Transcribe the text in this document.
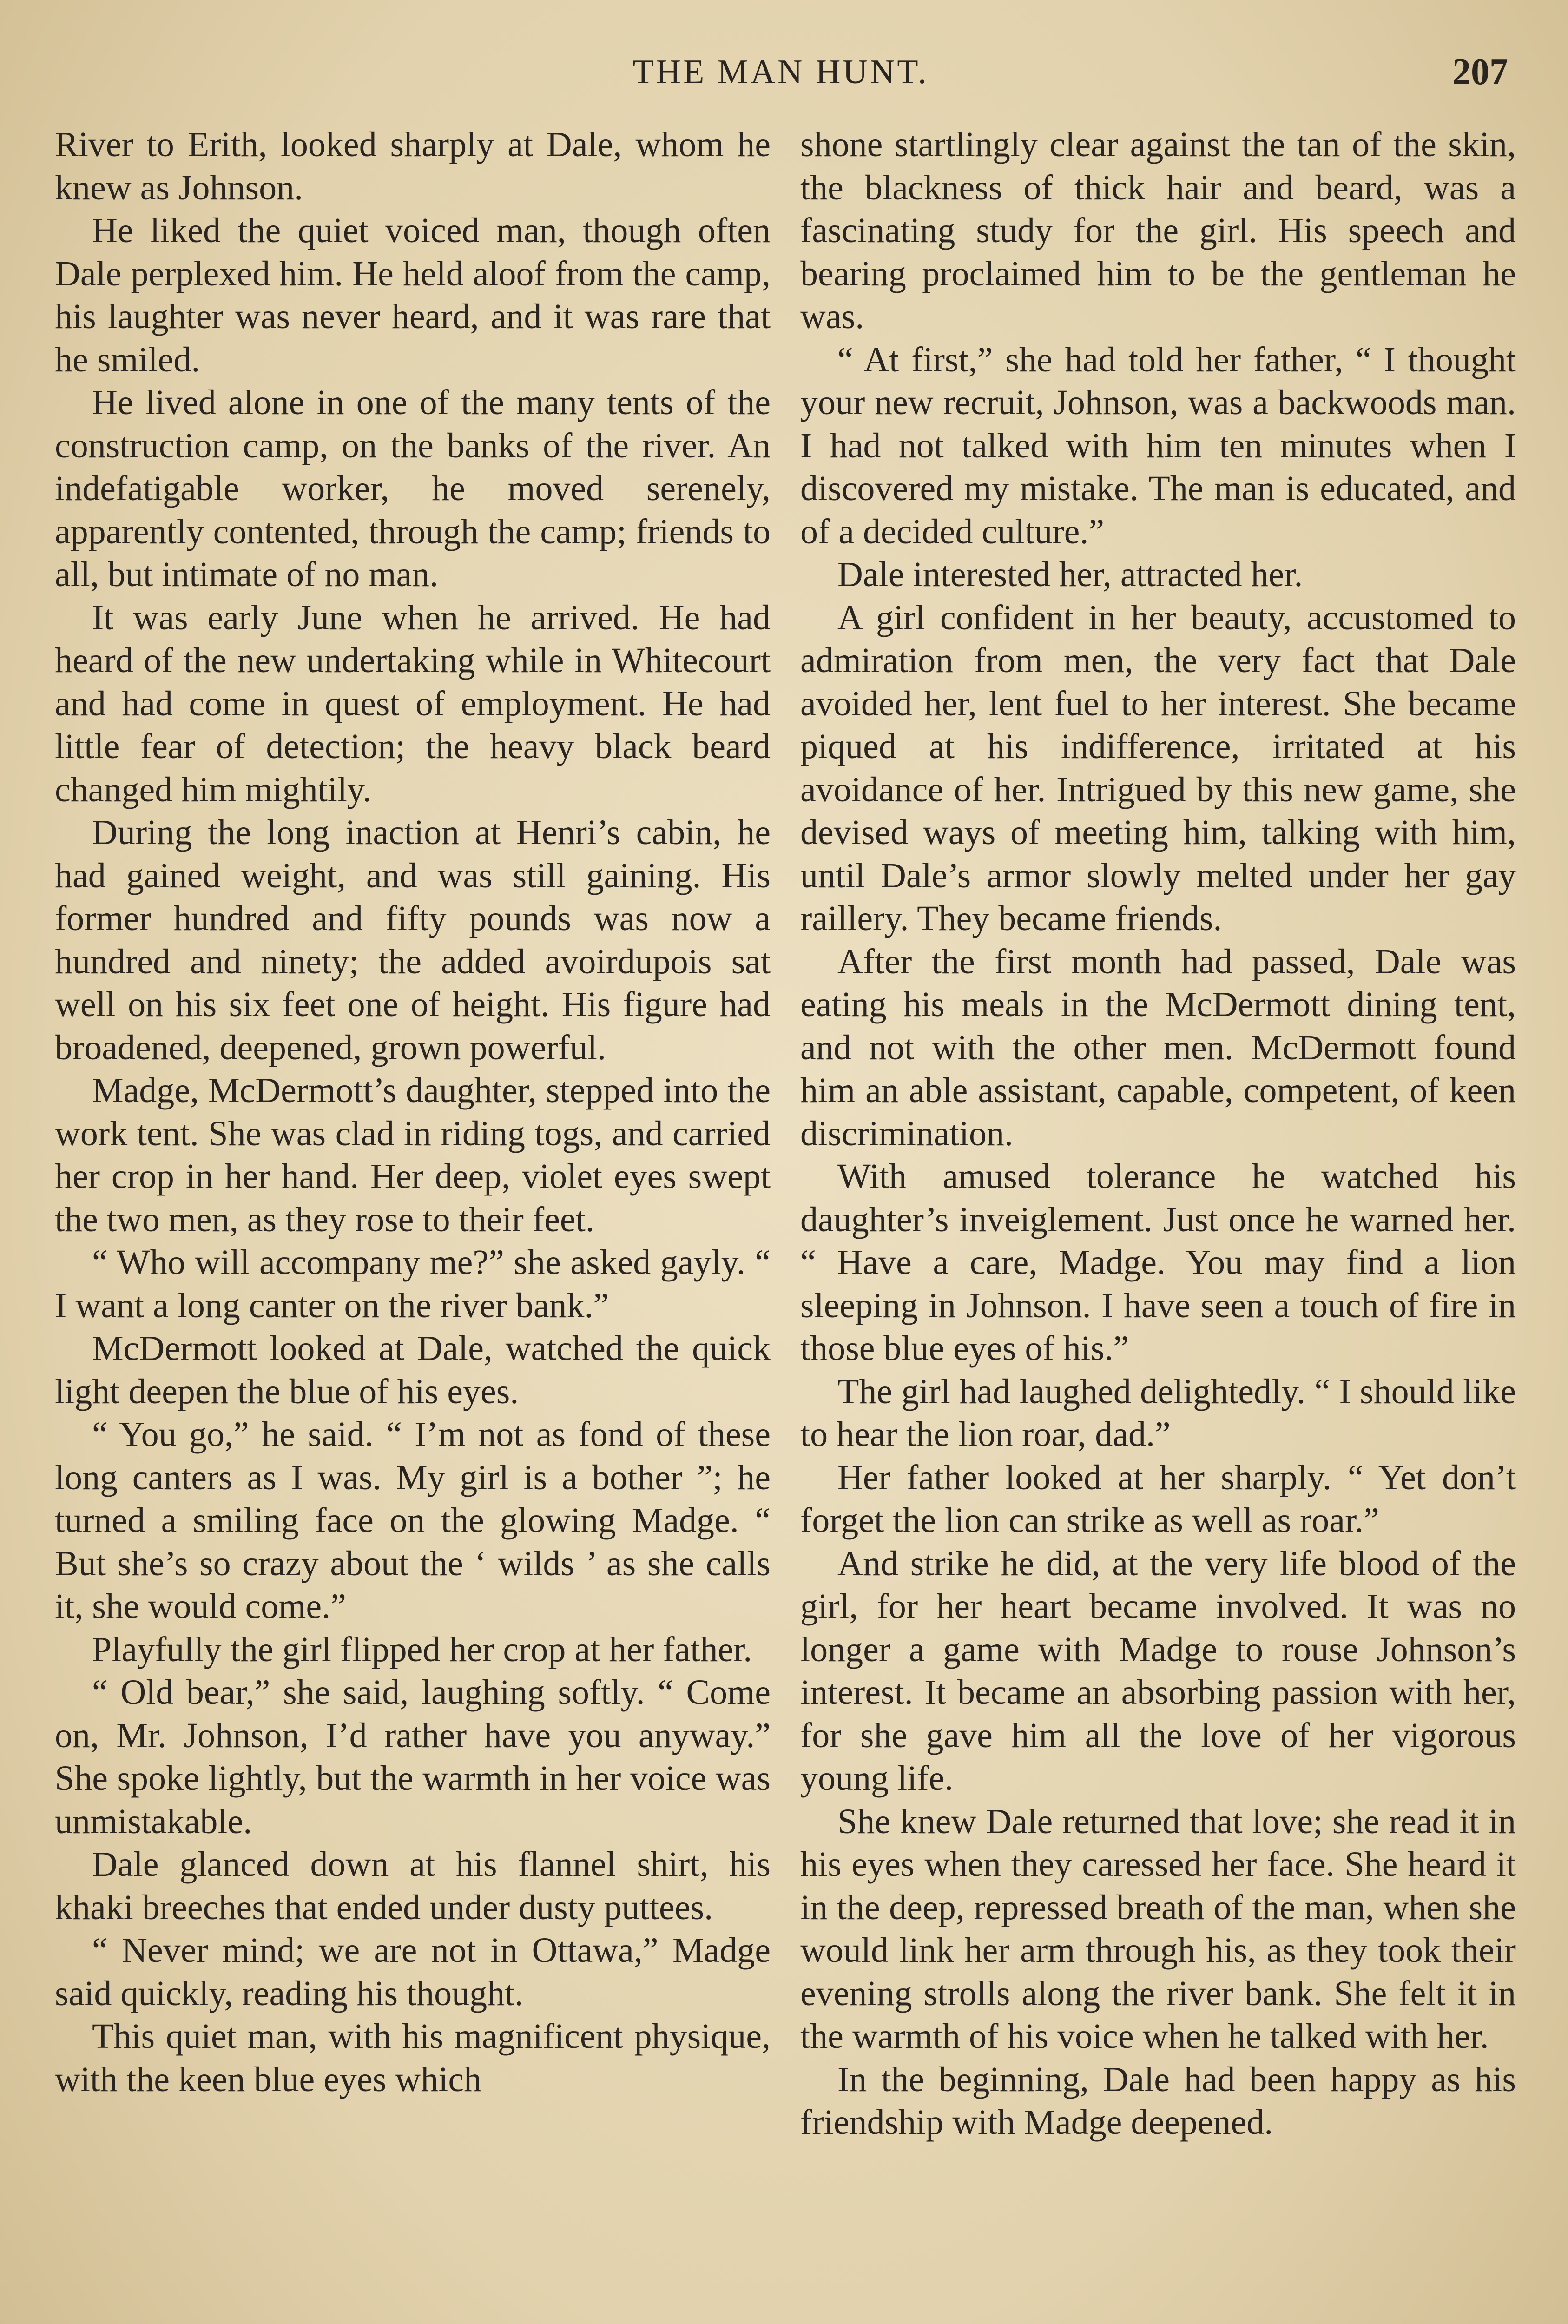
THE MAN HUNT.	207

River to Erith, looked sharply at Dale, whom he knew as Johnson.

He liked the quiet voiced man, though often Dale perplexed him. He held aloof from the camp, his laughter was never heard, and it was rare that he smiled.

He lived alone in one of the many tents of the construction camp, on the banks of the river. An indefatigable worker, he moved serenely, apparently contented, through the camp; friends to all, but intimate of no man.

It was early June when he arrived. He had heard of the new undertaking while in Whitecourt and had come in quest of employment. He had little fear of detection; the heavy black beard changed him mightily.

During the long inaction at Henri’s cabin, he had gained weight, and was still gaining. His former hundred and fifty pounds was now a hundred and ninety; the added avoirdupois sat well on his six feet one of height. His figure had broadened, deepened, grown powerful.

Madge, McDermott’s daughter, stepped into the work tent. She was clad in riding togs, and carried her crop in her hand. Her deep, violet eyes swept the two men, as they rose to their feet.

“ Who will accompany me?” she asked gayly. “ I want a long canter on the river bank.”

McDermott looked at Dale, watched the quick light deepen the blue of his eyes.

“ You go,” he said. “ I’m not as fond of these long canters as I was. My girl is a bother ”; he turned a smiling face on the glowing Madge. “ But she’s so crazy about the ‘ wilds ’ as she calls it, she would come.”

Playfully the girl flipped her crop at her father.

“ Old bear,” she said, laughing softly. “ Come on, Mr. Johnson, I’d rather have you anyway.” She spoke lightly, but the warmth in her voice was unmistakable.

Dale glanced down at his flannel shirt, his khaki breeches that ended under dusty puttees.

“ Never mind; we are not in Ottawa,” Madge said quickly, reading his thought.

This quiet man, with his magnificent physique, with the keen blue eyes which

shone startlingly clear against the tan of the skin, the blackness of thick hair and beard, was a fascinating study for the girl. His speech and bearing proclaimed him to be the gentleman he was.

“ At first,” she had told her father, “ I thought your new recruit, Johnson, was a backwoods man. I had not talked with him ten minutes when I discovered my mistake. The man is educated, and of a decided culture.”

Dale interested her, attracted her.

A girl confident in her beauty, accustomed to admiration from men, the very fact that Dale avoided her, lent fuel to her interest. She became piqued at his indifference, irritated at his avoidance of her. Intrigued by this new game, she devised ways of meeting him, talking with him, until Dale’s armor slowly melted under her gay raillery. They became friends.

After the first month had passed, Dale was eating his meals in the McDermott dining tent, and not with the other men. McDermott found him an able assistant, capable, competent, of keen discrimination.

With amused tolerance he watched his daughter’s inveiglement. Just once he warned her. “ Have a care, Madge. You may find a lion sleeping in Johnson. I have seen a touch of fire in those blue eyes of his.”

The girl had laughed delightedly. “ I should like to hear the lion roar, dad.”

Her father looked at her sharply. “ Yet don’t forget the lion can strike as well as roar.”

And strike he did, at the very life blood of the girl, for her heart became involved. It was no longer a game with Madge to rouse Johnson’s interest. It became an absorbing passion with her, for she gave him all the love of her vigorous young life.

She knew Dale returned that love; she read it in his eyes when they caressed her face. She heard it in the deep, repressed breath of the man, when she would link her arm through his, as they took their evening strolls along the river bank. She felt it in the warmth of his voice when he talked with her.

In the beginning, Dale had been happy as his friendship with Madge deepened.
